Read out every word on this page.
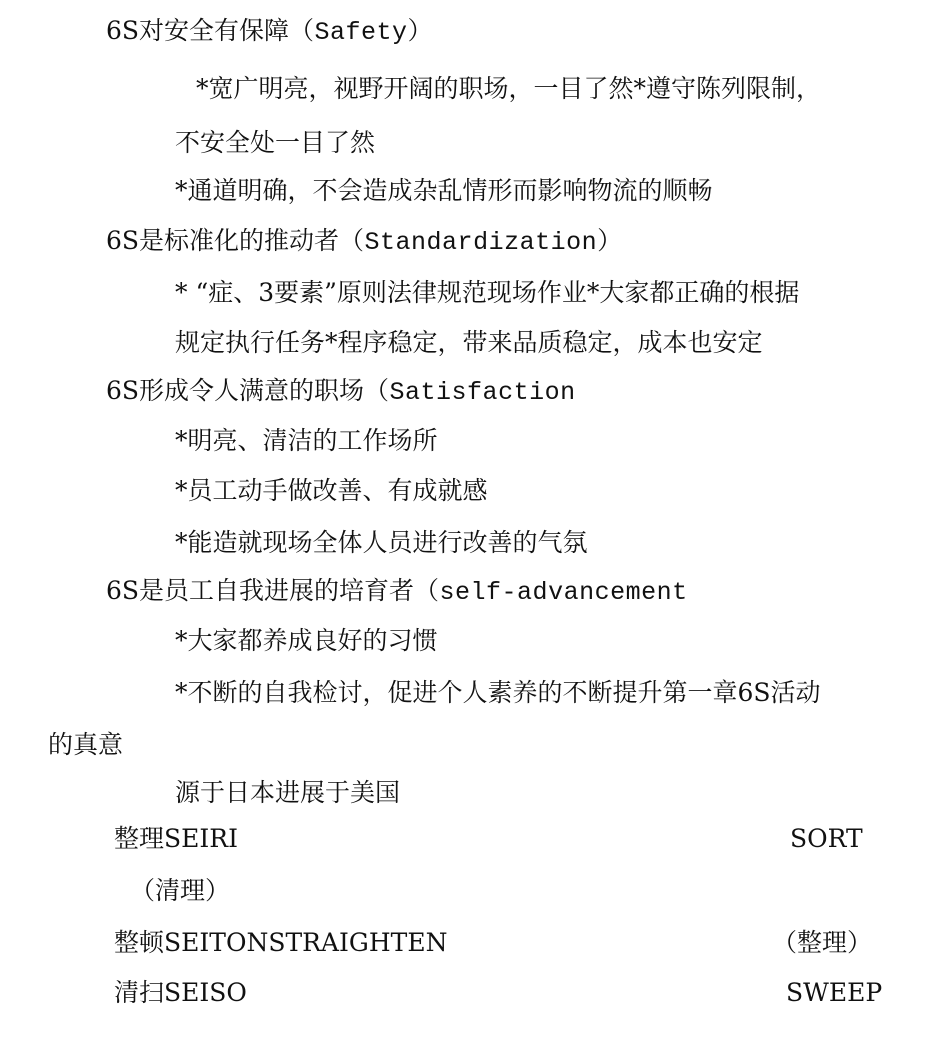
6S对安全有保障（Safety）
*宽广明亮，视野开阔的职场，一目了然*遵守陈列限制，
不安全处一目了然
*通道明确，不会造成杂乱情形而影响物流的顺畅
6S是标准化的推动者（Standardization）
* “症、3要素”原则法律规范现场作业*大家都正确的根据
规定执行任务*程序稳定，带来品质稳定，成本也安定
6S形成令人满意的职场（Satisfaction
*明亮、清洁的工作场所
*员工动手做改善、有成就感
*能造就现场全体人员进行改善的气氛
6S是员工自我进展的培育者（self-advancement
*大家都养成良好的习惯
*不断的自我检讨，促进个人素养的不断提升第一章6S活动
的真意
源于日本进展于美国
整理SEIRI	SORT
（清理）
整顿SEITONSTRAIGHTEN	（整理）
清扫SEISO	SWEEP
